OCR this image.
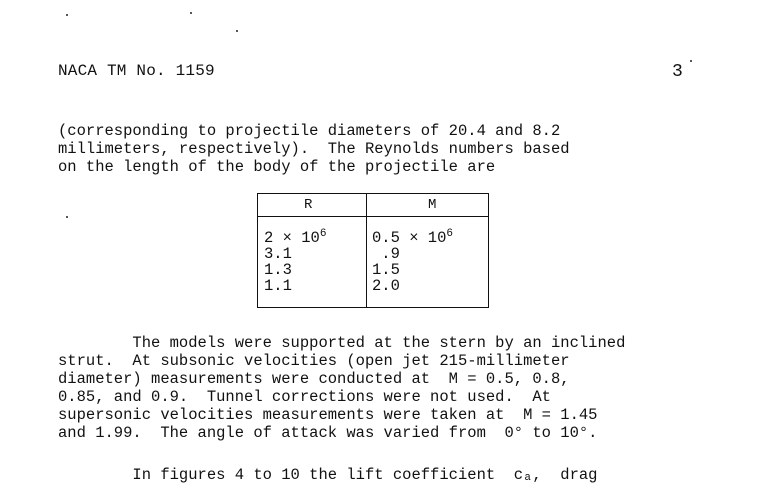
NACA TM No. 1159	3
(corresponding to projectile diameters of 20.4 and 8.2
millimeters, respectively).  The Reynolds numbers based
on the length of the body of the projectile are
R	M
$2 \times 10^6$
3.1
1.3
1.1
$0.5 \times 10^6$
.9
1.5
2.0
The models were supported at the stern by an inclined
strut.  At subsonic velocities (open jet 215-millimeter
diameter) measurements were conducted at  M = 0.5, 0.8,
0.85, and 0.9.  Tunnel corrections were not used.  At
supersonic velocities measurements were taken at  M = 1.45
and 1.99.  The angle of attack was varied from  0° to 10°.
In figures 4 to 10 the lift coefficient  cₐ,  drag
